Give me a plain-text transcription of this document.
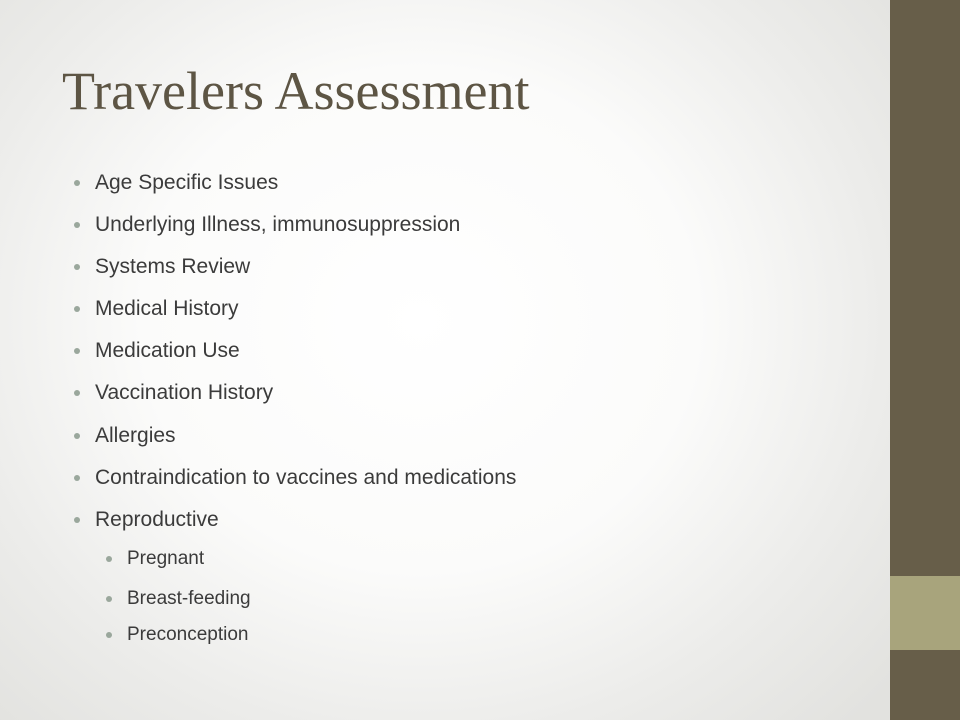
Travelers Assessment
Age Specific Issues
Underlying Illness, immunosuppression
Systems Review
Medical History
Medication Use
Vaccination History
Allergies
Contraindication to vaccines and medications
Reproductive
Pregnant
Breast-feeding
Preconception
